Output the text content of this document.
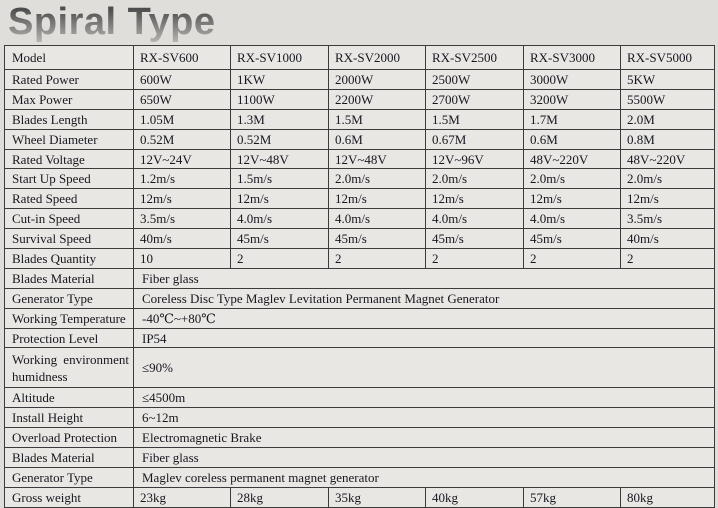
Spiral Type
Model	RX-SV600	RX-SV1000	RX-SV2000	RX-SV2500	RX-SV3000	RX-SV5000
Rated Power	600W	1KW	2000W	2500W	3000W	5KW
Max Power	650W	1100W	2200W	2700W	3200W	5500W
Blades Length	1.05M	1.3M	1.5M	1.5M	1.7M	2.0M
Wheel Diameter	0.52M	0.52M	0.6M	0.67M	0.6M	0.8M
Rated Voltage	12V~24V	12V~48V	12V~48V	12V~96V	48V~220V	48V~220V
Start Up Speed	1.2m/s	1.5m/s	2.0m/s	2.0m/s	2.0m/s	2.0m/s
Rated Speed	12m/s	12m/s	12m/s	12m/s	12m/s	12m/s
Cut-in Speed	3.5m/s	4.0m/s	4.0m/s	4.0m/s	4.0m/s	3.5m/s
Survival Speed	40m/s	45m/s	45m/s	45m/s	45m/s	40m/s
Blades Quantity	10	2	2	2	2	2
Blades Material	Fiber glass					
Generator Type	Coreless Disc Type Maglev Levitation Permanent Magnet Generator					
Working Temperature	-40℃~+80℃					
Protection Level	IP54					
Working environment humidness	≤90%					
Altitude	≤4500m					
Install Height	6~12m					
Overload Protection	Electromagnetic Brake					
Blades Material	Fiber glass					
Generator Type	Maglev coreless permanent magnet generator					
Gross weight	23kg	28kg	35kg	40kg	57kg	80kg
